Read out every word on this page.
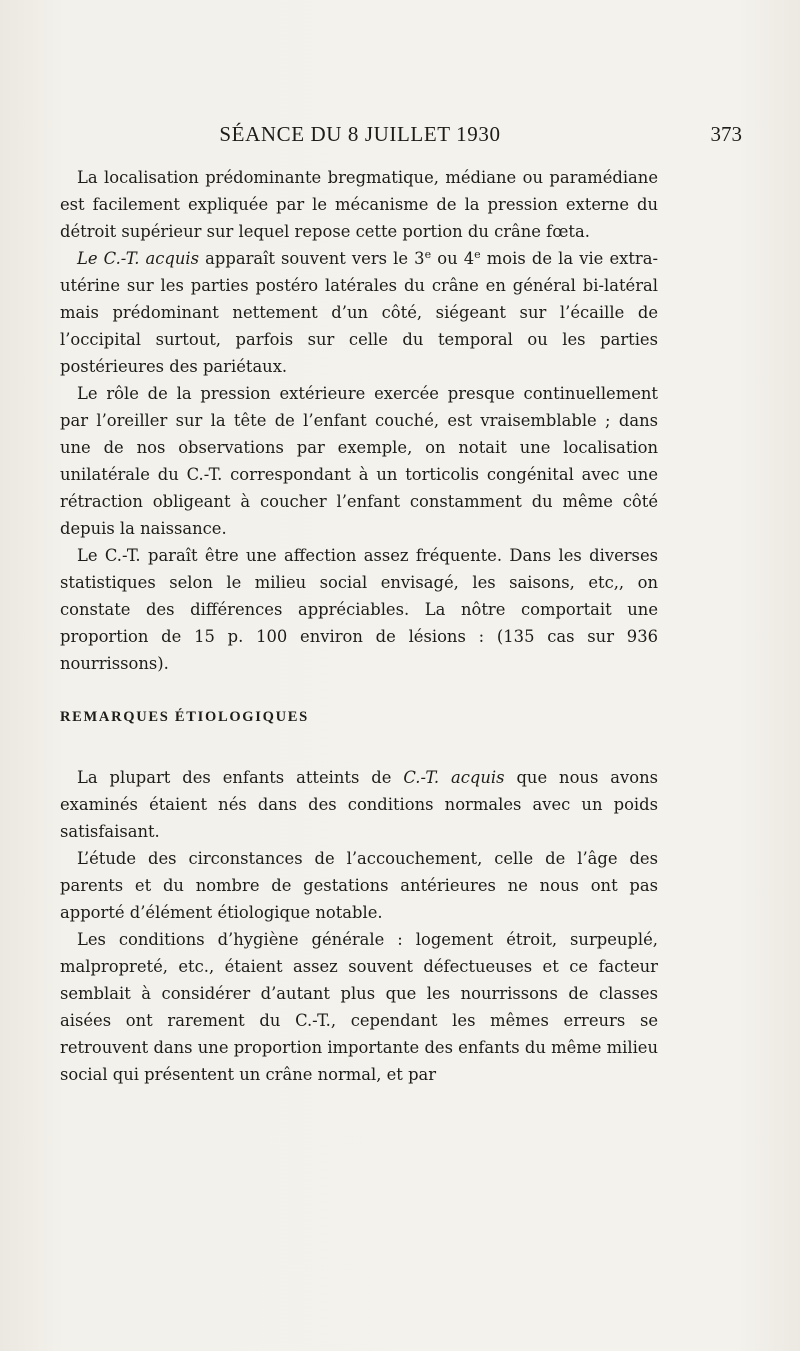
SÉANCE DU 8 JUILLET 1930	373

La localisation prédominante bregmatique, médiane ou paramédiane est facilement expliquée par le mécanisme de la pression externe du détroit supérieur sur lequel repose cette portion du crâne fœta.

Le C.-T. acquis apparaît souvent vers le 3e ou 4e mois de la vie extra-utérine sur les parties postéro latérales du crâne en général bi-latéral mais prédominant nettement d’un côté, siégeant sur l’écaille de l’occipital surtout, parfois sur celle du temporal ou les parties postérieures des pariétaux.

Le rôle de la pression extérieure exercée presque continuellement par l’oreiller sur la tête de l’enfant couché, est vraisemblable ; dans une de nos observations par exemple, on notait une localisation unilatérale du C.-T. correspondant à un torticolis congénital avec une rétraction obligeant à coucher l’enfant constamment du même côté depuis la naissance.

Le C.-T. paraît être une affection assez fréquente. Dans les diverses statistiques selon le milieu social envisagé, les saisons, etc,, on constate des différences appréciables. La nôtre comportait une proportion de 15 p. 100 environ de lésions : (135 cas sur 936 nourrissons).

REMARQUES ÉTIOLOGIQUES

La plupart des enfants atteints de C.-T. acquis que nous avons examinés étaient nés dans des conditions normales avec un poids satisfaisant.

L’étude des circonstances de l’accouchement, celle de l’âge des parents et du nombre de gestations antérieures ne nous ont pas apporté d’élément étiologique notable.

Les conditions d’hygiène générale : logement étroit, surpeuplé, malpropreté, etc., étaient assez souvent défectueuses et ce facteur semblait à considérer d’autant plus que les nourrissons de classes aisées ont rarement du C.-T., cependant les mêmes erreurs se retrouvent dans une proportion importante des enfants du même milieu social qui présentent un crâne normal, et par
